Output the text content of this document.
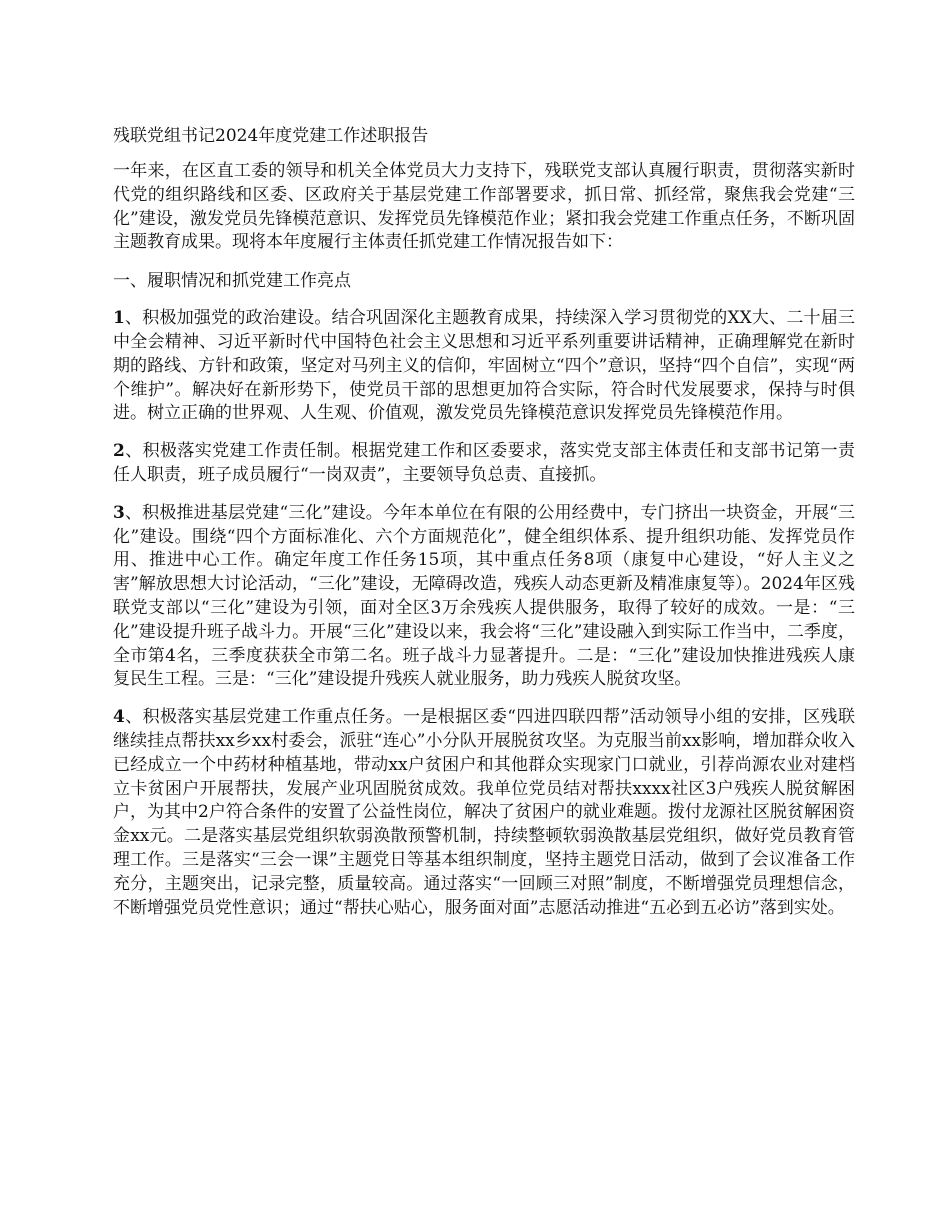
残联党组书记2024年度党建工作述职报告

一年来，在区直工委的领导和机关全体党员大力支持下，残联党支部认真履行职责，贯彻落实新时代党的组织路线和区委、区政府关于基层党建工作部署要求，抓日常、抓经常，聚焦我会党建“三化”建设，激发党员先锋模范意识、发挥党员先锋模范作业；紧扣我会党建工作重点任务，不断巩固主题教育成果。现将本年度履行主体责任抓党建工作情况报告如下：

一、履职情况和抓党建工作亮点

1、积极加强党的政治建设。结合巩固深化主题教育成果，持续深入学习贯彻党的XX大、二十届三中全会精神、习近平新时代中国特色社会主义思想和习近平系列重要讲话精神，正确理解党在新时期的路线、方针和政策，坚定对马列主义的信仰，牢固树立“四个”意识，坚持“四个自信”，实现“两个维护”。解决好在新形势下，使党员干部的思想更加符合实际，符合时代发展要求，保持与时俱进。树立正确的世界观、人生观、价值观，激发党员先锋模范意识发挥党员先锋模范作用。

2、积极落实党建工作责任制。根据党建工作和区委要求，落实党支部主体责任和支部书记第一责任人职责，班子成员履行“一岗双责”，主要领导负总责、直接抓。

3、积极推进基层党建“三化”建设。今年本单位在有限的公用经费中，专门挤出一块资金，开展“三化”建设。围绕“四个方面标准化、六个方面规范化”，健全组织体系、提升组织功能、发挥党员作用、推进中心工作。确定年度工作任务15项，其中重点任务8项（康复中心建设，“好人主义之害”解放思想大讨论活动，“三化”建设，无障碍改造，残疾人动态更新及精准康复等）。2024年区残联党支部以“三化”建设为引领，面对全区3万余残疾人提供服务，取得了较好的成效。一是：“三化”建设提升班子战斗力。开展“三化”建设以来，我会将“三化”建设融入到实际工作当中，二季度，全市第4名，三季度获获全市第二名。班子战斗力显著提升。二是：“三化”建设加快推进残疾人康复民生工程。三是：“三化”建设提升残疾人就业服务，助力残疾人脱贫攻坚。

4、积极落实基层党建工作重点任务。一是根据区委“四进四联四帮”活动领导小组的安排，区残联继续挂点帮扶xx乡xx村委会，派驻“连心”小分队开展脱贫攻坚。为克服当前xx影响，增加群众收入已经成立一个中药材种植基地，带动xx户贫困户和其他群众实现家门口就业，引荐尚源农业对建档立卡贫困户开展帮扶，发展产业巩固脱贫成效。我单位党员结对帮扶xxxx社区3户残疾人脱贫解困户，为其中2户符合条件的安置了公益性岗位，解决了贫困户的就业难题。拨付龙源社区脱贫解困资金xx元。二是落实基层党组织软弱涣散预警机制，持续整顿软弱涣散基层党组织，做好党员教育管理工作。三是落实“三会一课”主题党日等基本组织制度，坚持主题党日活动，做到了会议准备工作充分，主题突出，记录完整，质量较高。通过落实“一回顾三对照”制度，不断增强党员理想信念，不断增强党员党性意识；通过“帮扶心贴心，服务面对面”志愿活动推进“五必到五必访”落到实处。
